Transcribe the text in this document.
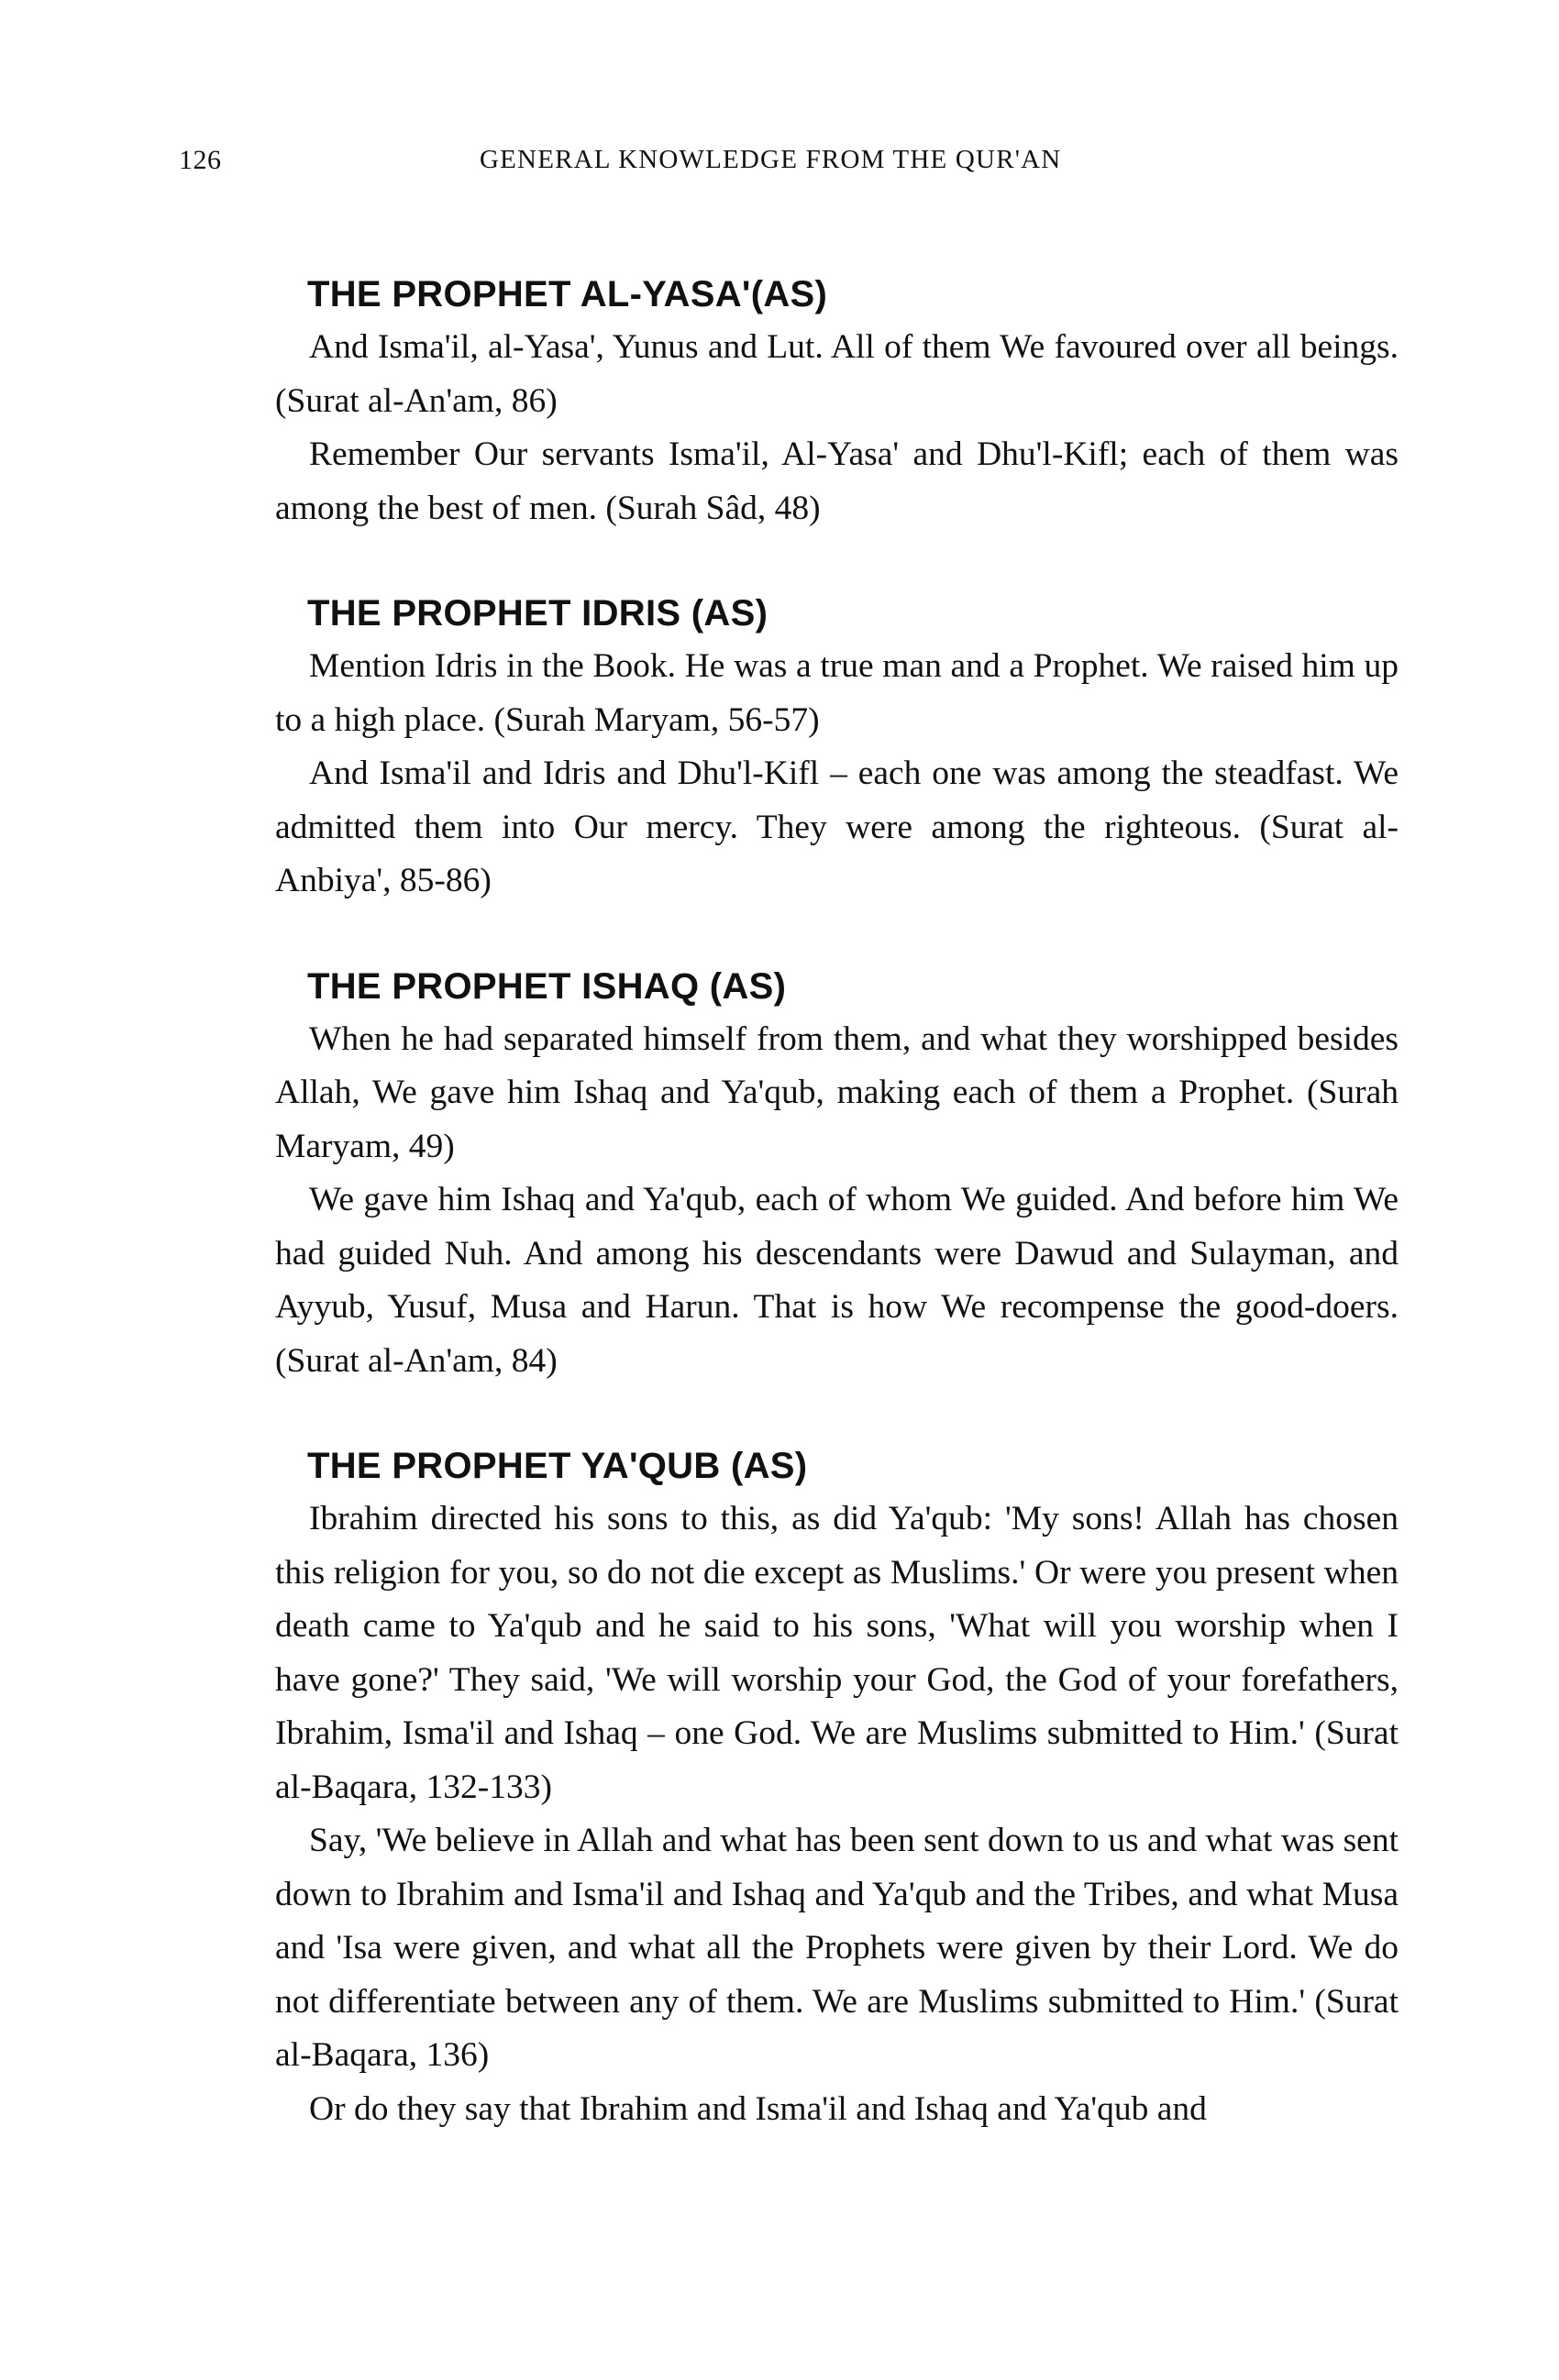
126	GENERAL KNOWLEDGE FROM THE QUR'AN
THE PROPHET AL-YASA'(AS)

And Isma'il, al-Yasa', Yunus and Lut. All of them We favoured over all beings. (Surat al-An'am, 86)

Remember Our servants Isma'il, Al-Yasa' and Dhu'l-Kifl; each of them was among the best of men. (Surah Sâd, 48)

THE PROPHET IDRIS (AS)

Mention Idris in the Book. He was a true man and a Prophet. We raised him up to a high place. (Surah Maryam, 56-57)

And Isma'il and Idris and Dhu'l-Kifl – each one was among the steadfast. We admitted them into Our mercy. They were among the righteous. (Surat al-Anbiya', 85-86)

THE PROPHET ISHAQ (AS)

When he had separated himself from them, and what they worshipped besides Allah, We gave him Ishaq and Ya'qub, making each of them a Prophet. (Surah Maryam, 49)

We gave him Ishaq and Ya'qub, each of whom We guided. And before him We had guided Nuh. And among his descendants were Dawud and Sulayman, and Ayyub, Yusuf, Musa and Harun. That is how We recompense the good-doers. (Surat al-An'am, 84)

THE PROPHET YA'QUB (AS)

Ibrahim directed his sons to this, as did Ya'qub: 'My sons! Allah has chosen this religion for you, so do not die except as Muslims.' Or were you present when death came to Ya'qub and he said to his sons, 'What will you worship when I have gone?' They said, 'We will worship your God, the God of your forefathers, Ibrahim, Isma'il and Ishaq – one God. We are Muslims submitted to Him.' (Surat al-Baqara, 132-133)

Say, 'We believe in Allah and what has been sent down to us and what was sent down to Ibrahim and Isma'il and Ishaq and Ya'qub and the Tribes, and what Musa and 'Isa were given, and what all the Prophets were given by their Lord. We do not differentiate between any of them. We are Muslims submitted to Him.' (Surat al-Baqara, 136)

Or do they say that Ibrahim and Isma'il and Ishaq and Ya'qub and
